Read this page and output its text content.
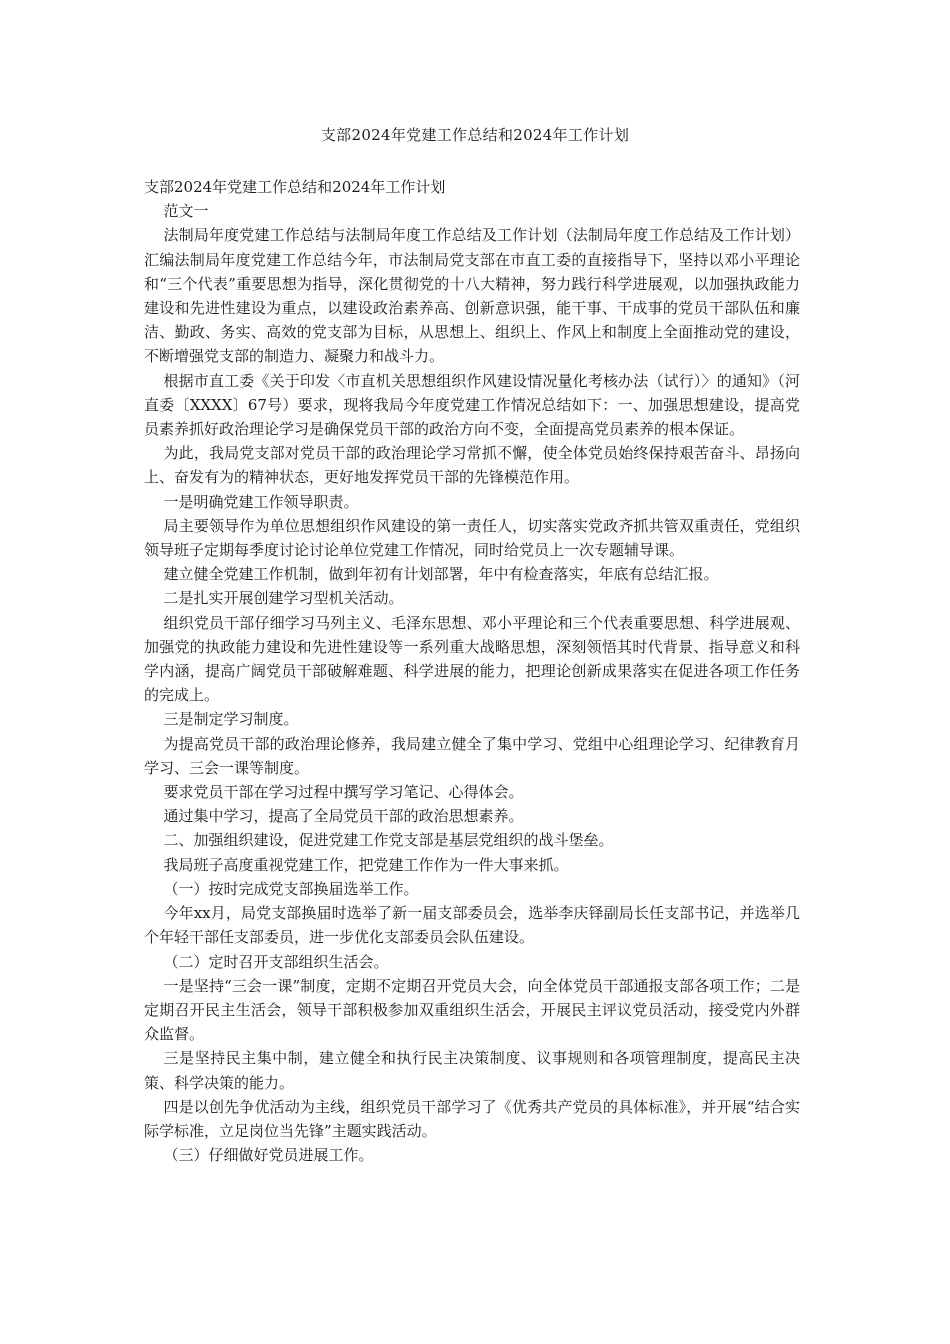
支部2024年党建工作总结和2024年工作计划

支部2024年党建工作总结和2024年工作计划

范文一

法制局年度党建工作总结与法制局年度工作总结及工作计划（法制局年度工作总结及工作计划）汇编法制局年度党建工作总结今年，市法制局党支部在市直工委的直接指导下，坚持以邓小平理论和“三个代表”重要思想为指导，深化贯彻党的十八大精神，努力践行科学进展观，以加强执政能力建设和先进性建设为重点，以建设政治素养高、创新意识强，能干事、干成事的党员干部队伍和廉洁、勤政、务实、高效的党支部为目标，从思想上、组织上、作风上和制度上全面推动党的建设，不断增强党支部的制造力、凝聚力和战斗力。

根据市直工委《关于印发〈市直机关思想组织作风建设情况量化考核办法（试行）〉的通知》（河直委〔XXXX〕67号）要求，现将我局今年度党建工作情况总结如下：一、加强思想建设，提高党员素养抓好政治理论学习是确保党员干部的政治方向不变，全面提高党员素养的根本保证。

为此，我局党支部对党员干部的政治理论学习常抓不懈，使全体党员始终保持艰苦奋斗、昂扬向上、奋发有为的精神状态，更好地发挥党员干部的先锋模范作用。

一是明确党建工作领导职责。

局主要领导作为单位思想组织作风建设的第一责任人，切实落实党政齐抓共管双重责任，党组织领导班子定期每季度讨论讨论单位党建工作情况，同时给党员上一次专题辅导课。

建立健全党建工作机制，做到年初有计划部署，年中有检查落实，年底有总结汇报。

二是扎实开展创建学习型机关活动。

组织党员干部仔细学习马列主义、毛泽东思想、邓小平理论和三个代表重要思想、科学进展观、加强党的执政能力建设和先进性建设等一系列重大战略思想，深刻领悟其时代背景、指导意义和科学内涵，提高广阔党员干部破解难题、科学进展的能力，把理论创新成果落实在促进各项工作任务的完成上。

三是制定学习制度。

为提高党员干部的政治理论修养，我局建立健全了集中学习、党组中心组理论学习、纪律教育月学习、三会一课等制度。

要求党员干部在学习过程中撰写学习笔记、心得体会。

通过集中学习，提高了全局党员干部的政治思想素养。

二、加强组织建设，促进党建工作党支部是基层党组织的战斗堡垒。

我局班子高度重视党建工作，把党建工作作为一件大事来抓。

（一）按时完成党支部换届选举工作。

今年xx月，局党支部换届时选举了新一届支部委员会，选举李庆铎副局长任支部书记，并选举几个年轻干部任支部委员，进一步优化支部委员会队伍建设。

（二）定时召开支部组织生活会。

一是坚持“三会一课”制度，定期不定期召开党员大会，向全体党员干部通报支部各项工作；二是定期召开民主生活会，领导干部积极参加双重组织生活会，开展民主评议党员活动，接受党内外群众监督。

三是坚持民主集中制，建立健全和执行民主决策制度、议事规则和各项管理制度，提高民主决策、科学决策的能力。

四是以创先争优活动为主线，组织党员干部学习了《优秀共产党员的具体标准》，并开展“结合实际学标准，立足岗位当先锋”主题实践活动。

（三）仔细做好党员进展工作。
